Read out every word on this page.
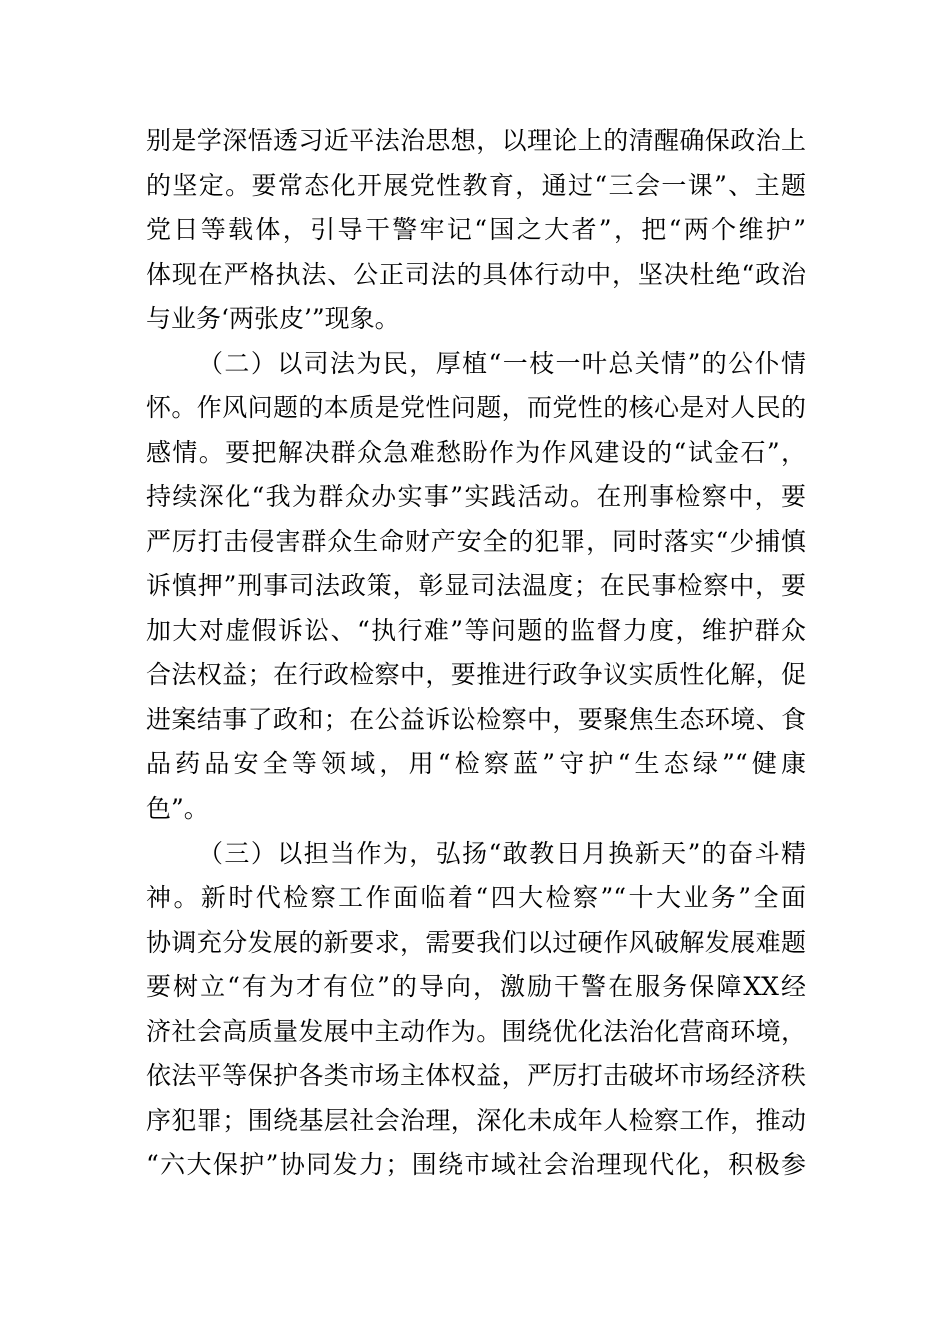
别是学深悟透习近平法治思想，以理论上的清醒确保政治上
的坚定。要常态化开展党性教育，通过“三会一课”、主题
党日等载体，引导干警牢记“国之大者”，把“两个维护”
体现在严格执法、公正司法的具体行动中，坚决杜绝“政治
与业务‘两张皮’”现象。
（二）以司法为民，厚植“一枝一叶总关情”的公仆情
怀。作风问题的本质是党性问题，而党性的核心是对人民的
感情。要把解决群众急难愁盼作为作风建设的“试金石”，
持续深化“我为群众办实事”实践活动。在刑事检察中，要
严厉打击侵害群众生命财产安全的犯罪，同时落实“少捕慎
诉慎押”刑事司法政策，彰显司法温度；在民事检察中，要
加大对虚假诉讼、“执行难”等问题的监督力度，维护群众
合法权益；在行政检察中，要推进行政争议实质性化解，促
进案结事了政和；在公益诉讼检察中，要聚焦生态环境、食
品药品安全等领域，用“检察蓝”守护“生态绿”“健康
色”。
（三）以担当作为，弘扬“敢教日月换新天”的奋斗精
神。新时代检察工作面临着“四大检察”“十大业务”全面
协调充分发展的新要求，需要我们以过硬作风破解发展难题
要树立“有为才有位”的导向，激励干警在服务保障XX经
济社会高质量发展中主动作为。围绕优化法治化营商环境，
依法平等保护各类市场主体权益，严厉打击破坏市场经济秩
序犯罪；围绕基层社会治理，深化未成年人检察工作，推动
“六大保护”协同发力；围绕市域社会治理现代化，积极参
